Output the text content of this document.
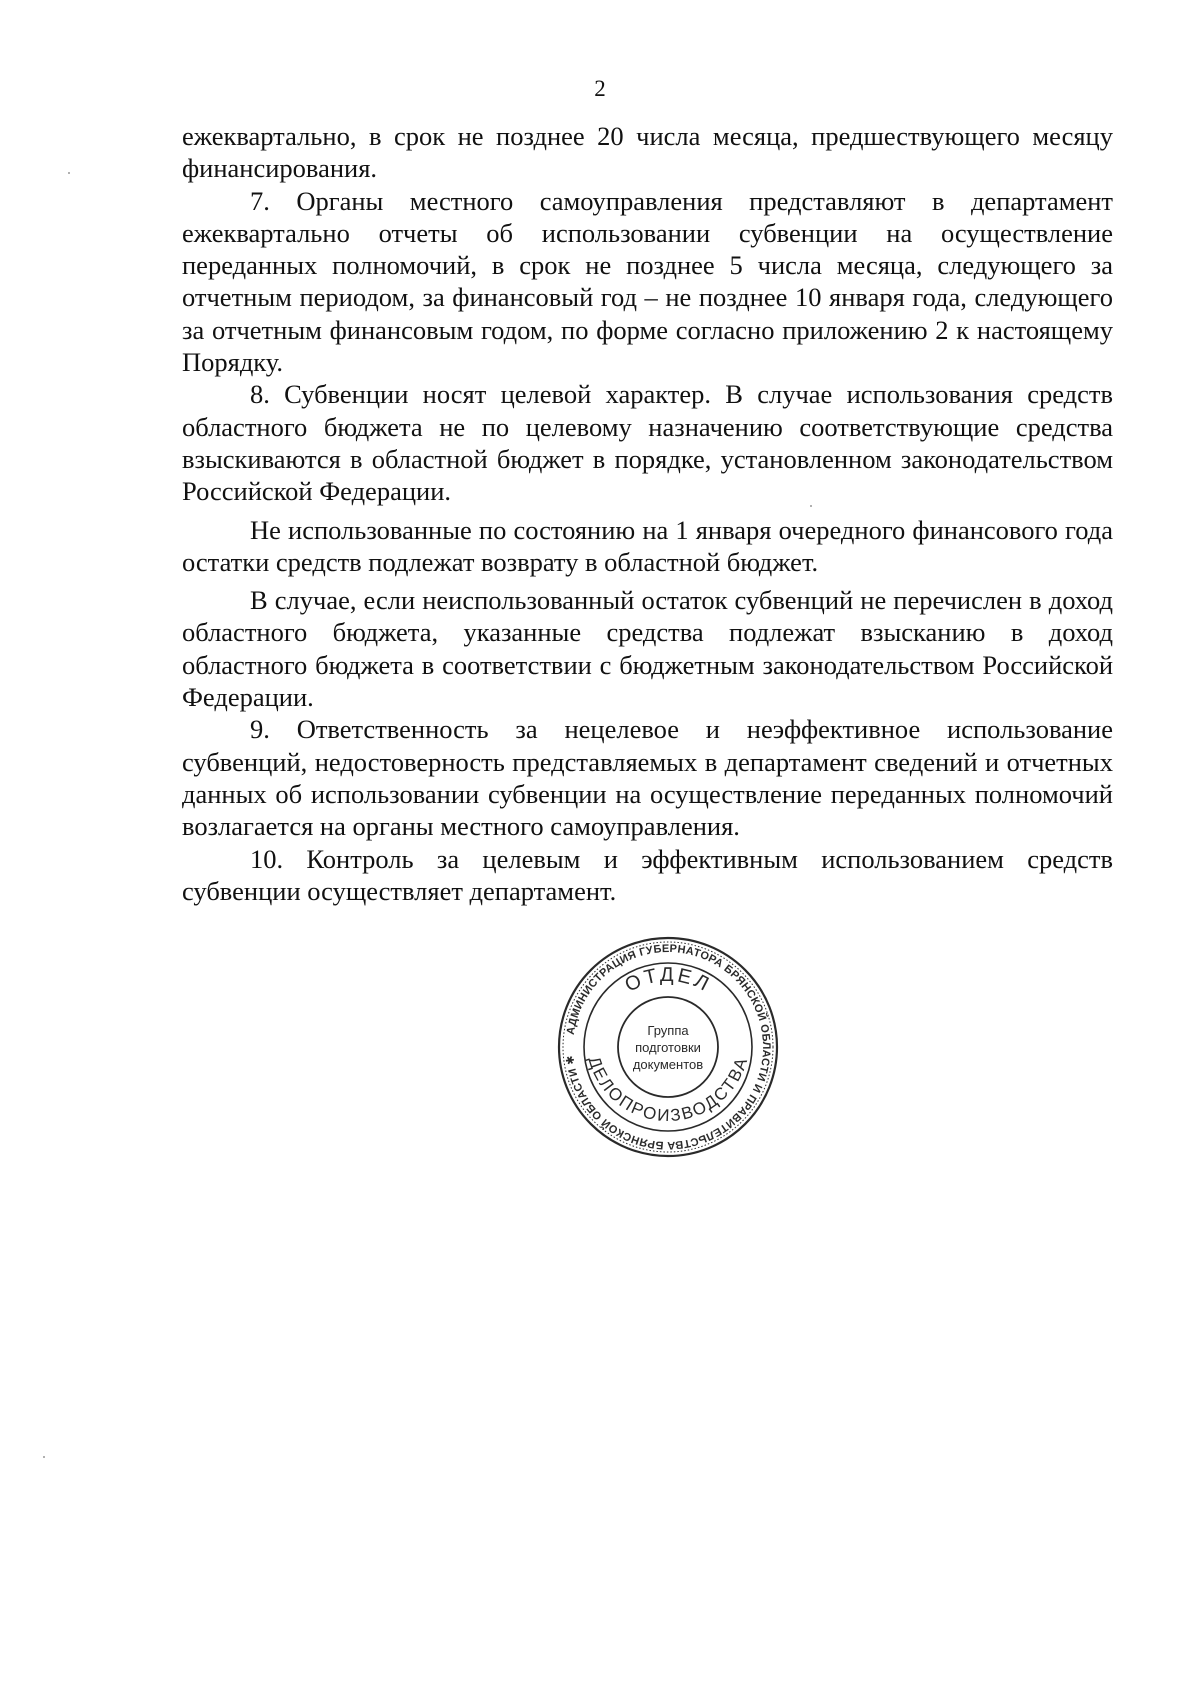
2

ежеквартально, в срок не позднее 20 числа месяца, предшествующего месяцу финансирования.

7. Органы местного самоуправления представляют в департамент ежеквартально отчеты об использовании субвенции на осуществление переданных полномочий, в срок не позднее 5 числа месяца, следующего за отчетным периодом, за финансовый год – не позднее 10 января года, следующего за отчетным финансовым годом, по форме согласно приложению 2 к настоящему Порядку.

8. Субвенции носят целевой характер. В случае использования средств областного бюджета не по целевому назначению соответствующие средства взыскиваются в областной бюджет в порядке, установленном законодательством Российской Федерации.

Не использованные по состоянию на 1 января очередного финансового года остатки средств подлежат возврату в областной бюджет.

В случае, если неиспользованный остаток субвенций не перечислен в доход областного бюджета, указанные средства подлежат взысканию в доход областного бюджета в соответствии с бюджетным законодательством Российской Федерации.

9. Ответственность за нецелевое и неэффективное использование субвенций, недостоверность представляемых в департамент сведений и отчетных данных об использовании субвенции на осуществление переданных полномочий возлагается на органы местного самоуправления.

10. Контроль за целевым и эффективным использованием средств субвенции осуществляет департамент.

АДМИНИСТРАЦИЯ ГУБЕРНАТОРА БРЯНСКОЙ ОБЛАСТИ И ПРАВИТЕЛЬСТВА БРЯНСКОЙ ОБЛАСТИ ✱
ОТДЕЛ
ДЕЛОПРОИЗВОДСТВА
Группа
подготовки
документов
